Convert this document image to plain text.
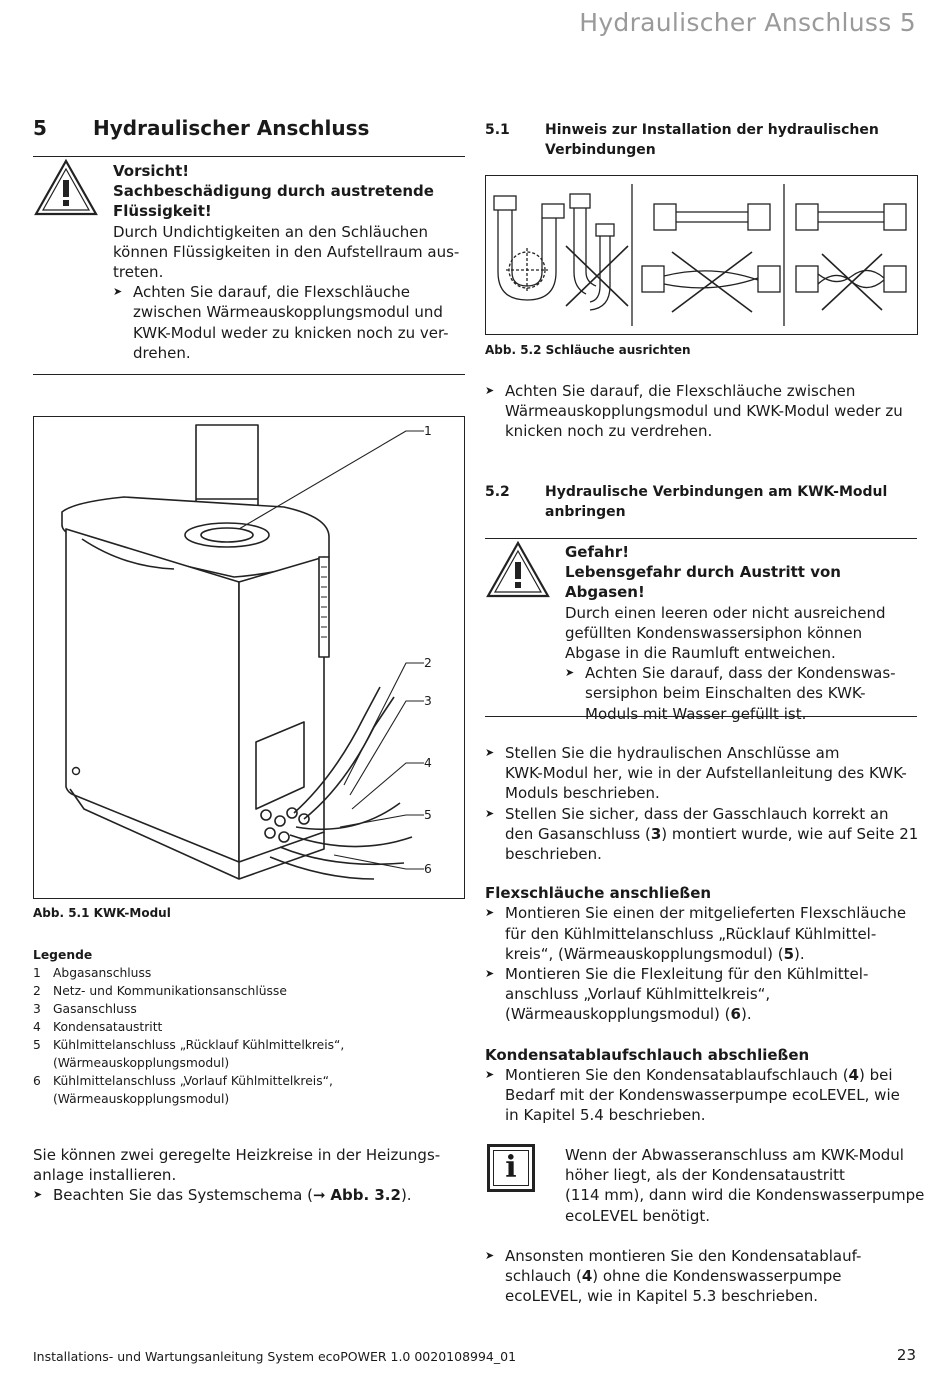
Hydraulischer Anschluss 5
5 Hydraulischer Anschluss
Vorsicht!
Sachbeschädigung durch austretende
Flüssigkeit!
Durch Undichtigkeiten an den Schläuchen
können Flüssigkeiten in den Aufstellraum aus-
treten.
➤ Achten Sie darauf, die Flexschläuche
zwischen Wärmeauskopplungsmodul und
KWK-Modul weder zu knicken noch zu ver-
drehen.
1
2
3
4
5
6
Abb. 5.1 KWK-Modul
Legende
1 Abgasanschluss
2 Netz- und Kommunikationsanschlüsse
3 Gasanschluss
4 Kondensataustritt
5 Kühlmittelanschluss „Rücklauf Kühlmittelkreis“,
(Wärmeauskopplungsmodul)
6 Kühlmittelanschluss „Vorlauf Kühlmittelkreis“,
(Wärmeauskopplungsmodul)
Sie können zwei geregelte Heizkreise in der Heizungs-
anlage installieren.
➤ Beachten Sie das Systemschema (➞ Abb. 3.2).
5.1	Hinweis zur Installation der hydraulischen
Verbindungen
Abb. 5.2 Schläuche ausrichten
➤ Achten Sie darauf, die Flexschläuche zwischen
Wärmeauskopplungsmodul und KWK-Modul weder zu
knicken noch zu verdrehen.
5.2	Hydraulische Verbindungen am KWK-Modul
anbringen
Gefahr!
Lebensgefahr durch Austritt von Abgasen!
Durch einen leeren oder nicht ausreichend
gefüllten Kondenswassersiphon können
Abgase in die Raumluft entweichen.
➤ Achten Sie darauf, dass der Kondenswas-
sersiphon beim Einschalten des KWK-
Moduls mit Wasser gefüllt ist.
➤ Stellen Sie die hydraulischen Anschlüsse am
KWK-Modul her, wie in der Aufstellanleitung des KWK-
Moduls beschrieben.
➤ Stellen Sie sicher, dass der Gasschlauch korrekt an
den Gasanschluss (3) montiert wurde, wie auf Seite 21
beschrieben.
Flexschläuche anschließen
➤ Montieren Sie einen der mitgelieferten Flexschläuche
für den Kühlmittelanschluss „Rücklauf Kühlmittel-
kreis“, (Wärmeauskopplungsmodul) (5).
➤ Montieren Sie die Flexleitung für den Kühlmittel-
anschluss „Vorlauf Kühlmittelkreis“,
(Wärmeauskopplungsmodul) (6).
Kondensatablaufschlauch abschließen
➤ Montieren Sie den Kondensatablaufschlauch (4) bei
Bedarf mit der Kondenswasserpumpe ecoLEVEL, wie
in Kapitel 5.4 beschrieben.
i	Wenn der Abwasseranschluss am KWK-Modul
höher liegt, als der Kondensataustritt
(114 mm), dann wird die Kondenswasserpumpe
ecoLEVEL benötigt.
➤ Ansonsten montieren Sie den Kondensatablauf-
schlauch (4) ohne die Kondenswasserpumpe
ecoLEVEL, wie in Kapitel 5.3 beschrieben.
Installations- und Wartungsanleitung System ecoPOWER 1.0 0020108994_01	23
